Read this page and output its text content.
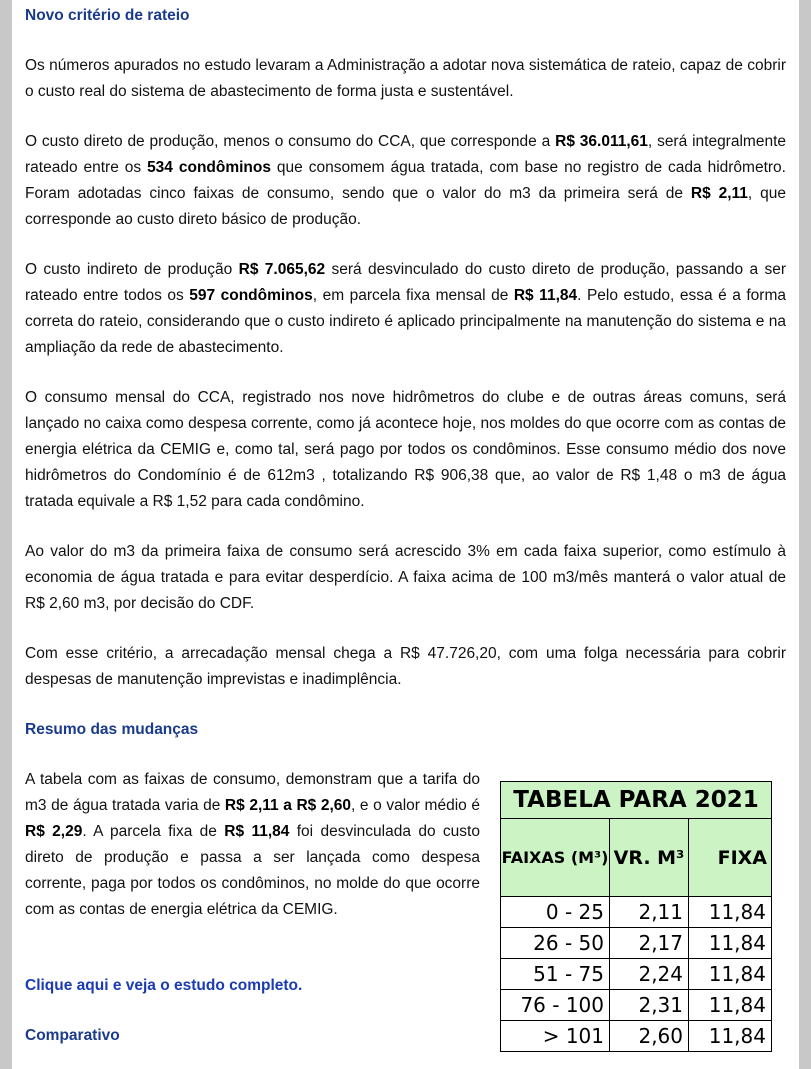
Novo critério de rateio

Os números apurados no estudo levaram a Administração a adotar nova sistemática de rateio, capaz de cobrir o custo real do sistema de abastecimento de forma justa e sustentável.

O custo direto de produção, menos o consumo do CCA, que corresponde a R$ 36.011,61, será integralmente rateado entre os 534 condôminos que consomem água tratada, com base no registro de cada hidrômetro. Foram adotadas cinco faixas de consumo, sendo que o valor do m3 da primeira será de R$ 2,11, que corresponde ao custo direto básico de produção.

O custo indireto de produção R$ 7.065,62 será desvinculado do custo direto de produção, passando a ser rateado entre todos os 597 condôminos, em parcela fixa mensal de R$ 11,84. Pelo estudo, essa é a forma correta do rateio, considerando que o custo indireto é aplicado principalmente na manutenção do sistema e na ampliação da rede de abastecimento.

O consumo mensal do CCA, registrado nos nove hidrômetros do clube e de outras áreas comuns, será lançado no caixa como despesa corrente, como já acontece hoje, nos moldes do que ocorre com as contas de energia elétrica da CEMIG e, como tal, será pago por todos os condôminos. Esse consumo médio dos nove hidrômetros do Condomínio é de 612m3 , totalizando R$ 906,38 que, ao valor de R$ 1,48 o m3 de água tratada equivale a R$ 1,52 para cada condômino.

Ao valor do m3 da primeira faixa de consumo será acrescido 3% em cada faixa superior, como estímulo à economia de água tratada e para evitar desperdício. A faixa acima de 100 m3/mês manterá o valor atual de R$ 2,60 m3, por decisão do CDF.

Com esse critério, a arrecadação mensal chega a R$ 47.726,20, com uma folga necessária para cobrir despesas de manutenção imprevistas e inadimplência.

Resumo das mudanças

A tabela com as faixas de consumo, demonstram que a tarifa do m3 de água tratada varia de R$ 2,11 a R$ 2,60, e o valor médio é R$ 2,29. A parcela fixa de R$ 11,84 foi desvinculada do custo direto de produção e passa a ser lançada como despesa corrente, paga por todos os condôminos, no molde do que ocorre com as contas de energia elétrica da CEMIG.

Clique aqui e veja o estudo completo.
Comparativo
TABELA PARA 2021		
FAIXAS (M³)	VR. M³	FIXA
0 - 25	2,11	11,84
26 - 50	2,17	11,84
51 - 75	2,24	11,84
76 - 100	2,31	11,84
> 101	2,60	11,84
